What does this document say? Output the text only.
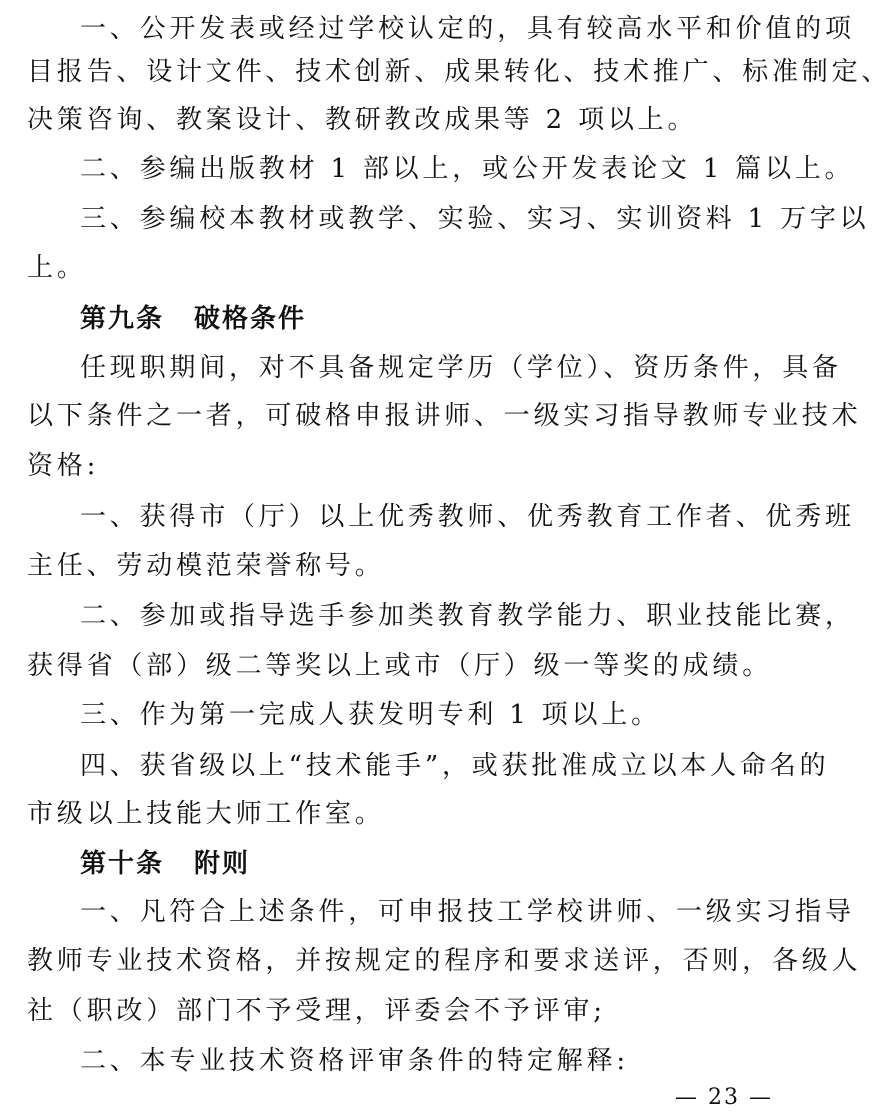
一、公开发表或经过学校认定的，具有较高水平和价值的项
目报告、设计文件、技术创新、成果转化、技术推广、标准制定、
决策咨询、教案设计、教研教改成果等 2 项以上。
二、参编出版教材 1 部以上，或公开发表论文 1 篇以上。
三、参编校本教材或教学、实验、实习、实训资料 1 万字以
上。
第九条 破格条件
任现职期间，对不具备规定学历（学位）、资历条件，具备
以下条件之一者，可破格申报讲师、一级实习指导教师专业技术
资格:
一、获得市（厅）以上优秀教师、优秀教育工作者、优秀班
主任、劳动模范荣誉称号。
二、参加或指导选手参加类教育教学能力、职业技能比赛，
获得省（部）级二等奖以上或市（厅）级一等奖的成绩。
三、作为第一完成人获发明专利 1 项以上。
四、获省级以上“技术能手”，或获批准成立以本人命名的
市级以上技能大师工作室。
第十条 附则
一、凡符合上述条件，可申报技工学校讲师、一级实习指导
教师专业技术资格，并按规定的程序和要求送评，否则，各级人
社（职改）部门不予受理，评委会不予评审;
二、本专业技术资格评审条件的特定解释:
— 23 —
